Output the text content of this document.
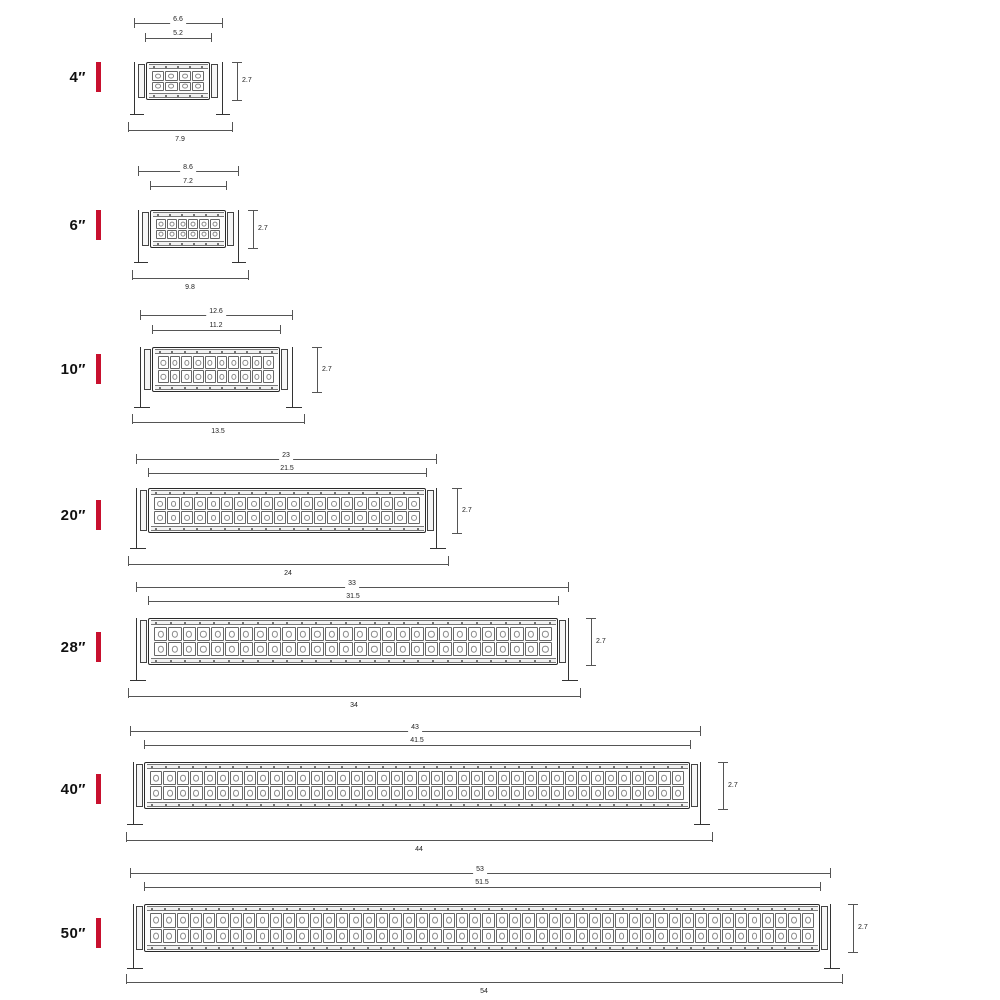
4″
6.6
5.2
2.7
7.9
6″
8.6
7.2
2.7
9.8
10″
12.6
11.2
2.7
13.5
20″
23
21.5
2.7
24
28″
33
31.5
2.7
34
40″
43
41.5
2.7
44
50″
53
51.5
2.7
54
